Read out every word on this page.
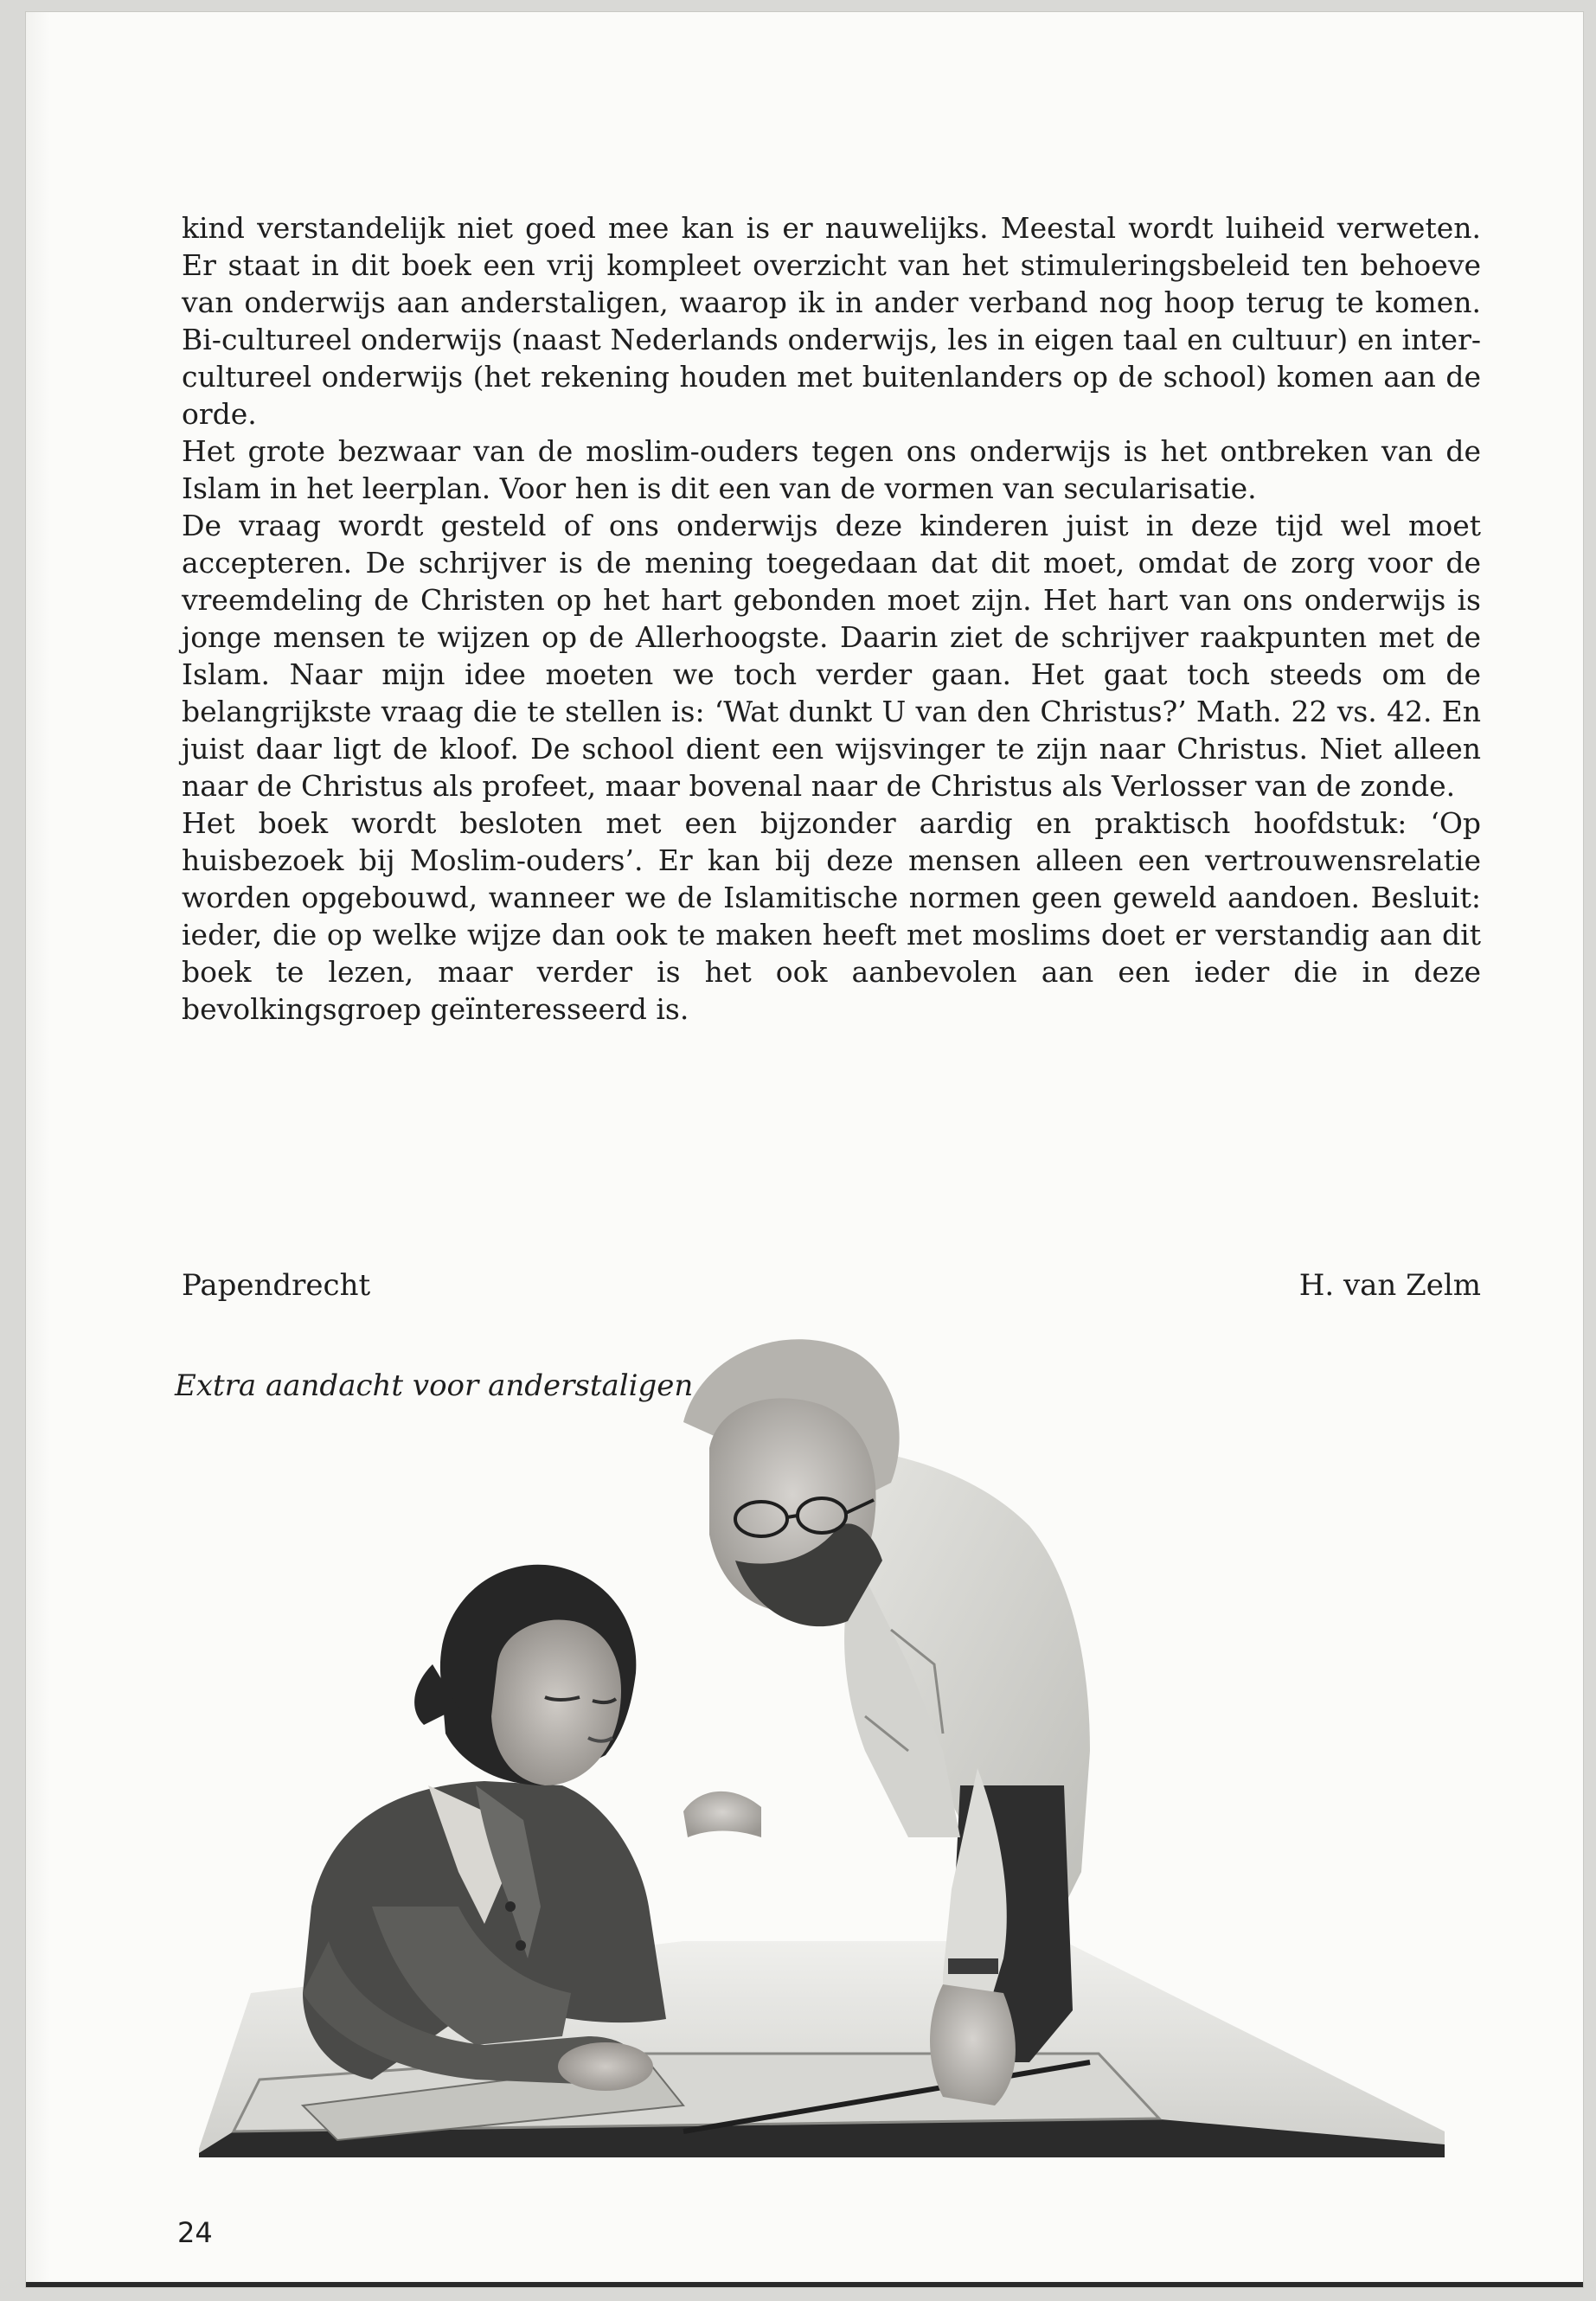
kind verstandelijk niet goed mee kan is er nauwelijks. Meestal wordt luiheid verweten. Er staat in dit boek een vrij kompleet overzicht van het stimuleringsbeleid ten behoeve van onderwijs aan anderstaligen, waarop ik in ander verband nog hoop terug te komen. Bi-cultureel onderwijs (naast Nederlands onderwijs, les in eigen taal en cultuur) en inter-cultureel onderwijs (het rekening houden met buitenlanders op de school) komen aan de orde.

Het grote bezwaar van de moslim-ouders tegen ons onderwijs is het ontbreken van de Islam in het leerplan. Voor hen is dit een van de vormen van secularisatie.

De vraag wordt gesteld of ons onderwijs deze kinderen juist in deze tijd wel moet accepteren. De schrijver is de mening toegedaan dat dit moet, omdat de zorg voor de vreemdeling de Christen op het hart gebonden moet zijn. Het hart van ons onderwijs is jonge mensen te wijzen op de Allerhoogste. Daarin ziet de schrijver raakpunten met de Islam. Naar mijn idee moeten we toch verder gaan. Het gaat toch steeds om de belangrijkste vraag die te stellen is: ‘Wat dunkt U van den Christus?’ Math. 22 vs. 42. En juist daar ligt de kloof. De school dient een wijsvinger te zijn naar Christus. Niet alleen naar de Christus als profeet, maar bovenal naar de Christus als Verlosser van de zonde.

Het boek wordt besloten met een bijzonder aardig en praktisch hoofdstuk: ‘Op huisbezoek bij Moslim-ouders’. Er kan bij deze mensen alleen een vertrouwensrelatie worden opgebouwd, wanneer we de Islamitische normen geen geweld aandoen. Besluit: ieder, die op welke wijze dan ook te maken heeft met moslims doet er verstandig aan dit boek te lezen, maar verder is het ook aanbevolen aan een ieder die in deze bevolkingsgroep geïnteresseerd is.

Papendrecht	H. van Zelm
Extra aandacht voor anderstaligen
24
